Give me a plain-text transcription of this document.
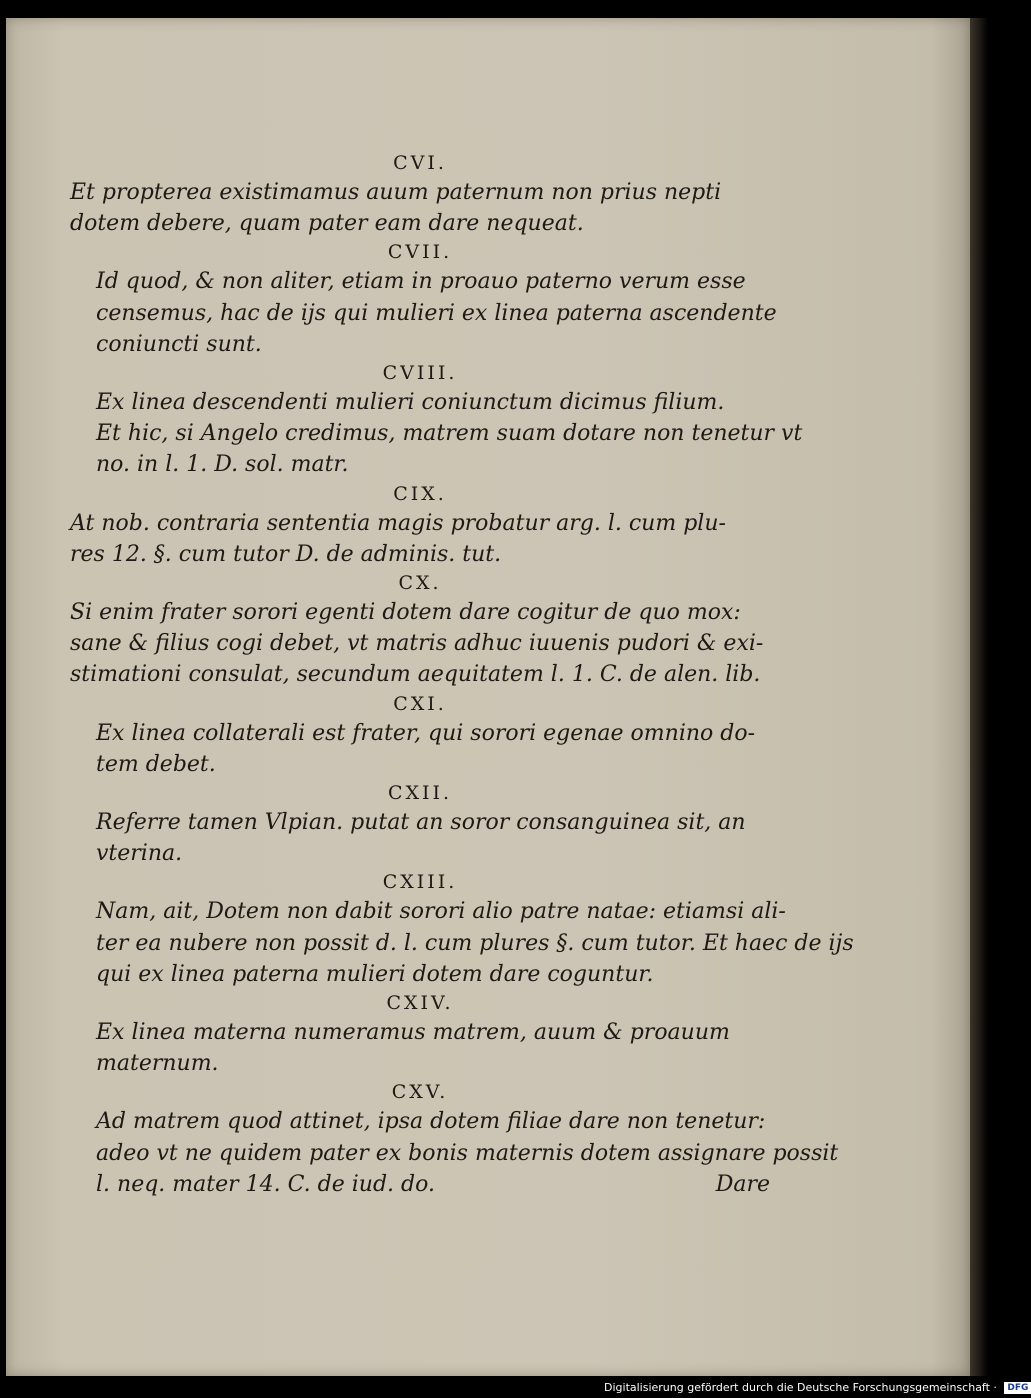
CVI.
Et propterea existimamus auum paternum non prius nepti
dotem debere, quam pater eam dare nequeat.
CVII.
Id quod, & non aliter, etiam in proauo paterno verum esse
censemus, hac de ijs qui mulieri ex linea paterna ascendente
coniuncti sunt.
CVIII.
Ex linea descendenti mulieri coniunctum dicimus filium.
Et hic, si Angelo credimus, matrem suam dotare non tenetur vt
no. in l. 1. D. sol. matr.
CIX.
At nob. contraria sententia magis probatur arg. l. cum plu-
res 12. §. cum tutor D. de adminis. tut.
CX.
Si enim frater sorori egenti dotem dare cogitur de quo mox:
sane & filius cogi debet, vt matris adhuc iuuenis pudori & exi-
stimationi consulat, secundum aequitatem l. 1. C. de alen. lib.
CXI.
Ex linea collaterali est frater, qui sorori egenae omnino do-
tem debet.
CXII.
Referre tamen Vlpian. putat an soror consanguinea sit, an
vterina.
CXIII.
Nam, ait, Dotem non dabit sorori alio patre natae: etiamsi ali-
ter ea nubere non possit d. l. cum plures §. cum tutor. Et haec de ijs
qui ex linea paterna mulieri dotem dare coguntur.
CXIV.
Ex linea materna numeramus matrem, auum & proauum
maternum.
CXV.
Ad matrem quod attinet, ipsa dotem filiae dare non tenetur:
adeo vt ne quidem pater ex bonis maternis dotem assignare possit
l. neq. mater 14. C. de iud. do.	Dare
Digitalisierung gefördert durch die Deutsche Forschungsgemeinschaft · DFG
